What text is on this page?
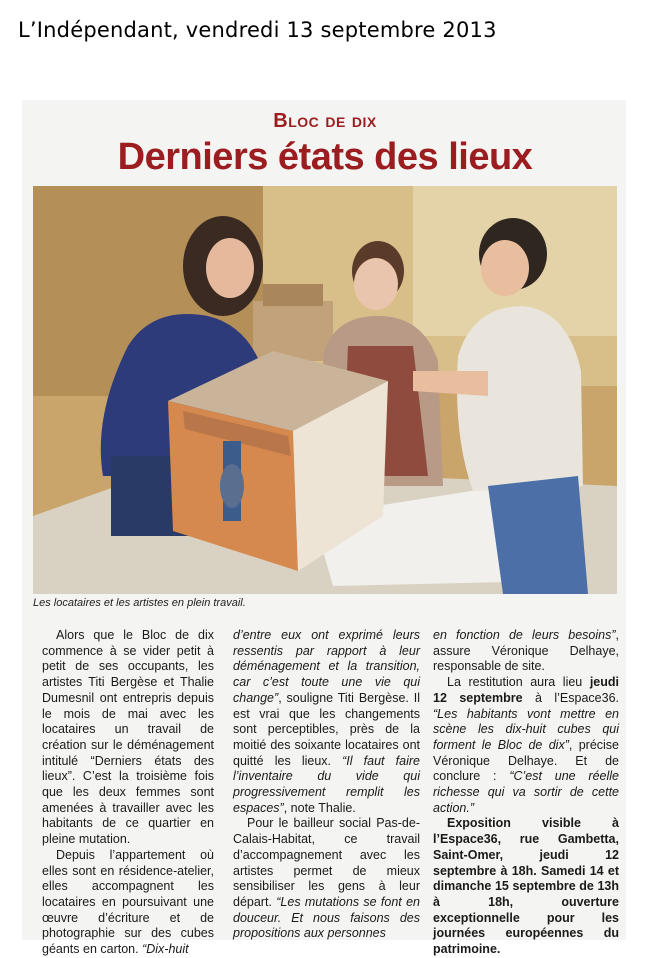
L’Indépendant, vendredi 13 septembre 2013
Bloc de dix
Derniers états des lieux
Les locataires et les artistes en plein travail.

Alors que le Bloc de dix commence à se vider petit à petit de ses occupants, les artistes Titi Bergèse et Thalie Dumesnil ont entrepris depuis le mois de mai avec les locataires un travail de création sur le déménagement intitulé “Derniers états des lieux”. C’est la troisième fois que les deux femmes sont amenées à travailler avec les habitants de ce quartier en pleine mutation.

Depuis l’appartement où elles sont en résidence-atelier, elles accompagnent les locataires en poursuivant une œuvre d’écriture et de photographie sur des cubes géants en carton. “Dix-huit

d’entre eux ont exprimé leurs ressentis par rapport à leur déménagement et la transition, car c’est toute une vie qui change”, souligne Titi Bergèse. Il est vrai que les changements sont perceptibles, près de la moitié des soixante locataires ont quitté les lieux. “Il faut faire l’inventaire du vide qui progressivement remplit les espaces”, note Thalie.

Pour le bailleur social Pas-de-Calais-Habitat, ce travail d’accompagnement avec les artistes permet de mieux sensibiliser les gens à leur départ. “Les mutations se font en douceur. Et nous faisons des propositions aux personnes

en fonction de leurs besoins”, assure Véronique Delhaye, responsable de site.

La restitution aura lieu jeudi 12 septembre à l’Espace36. “Les habitants vont mettre en scène les dix-huit cubes qui forment le Bloc de dix”, précise Véronique Delhaye. Et de conclure : “C’est une réelle richesse qui va sortir de cette action.”

Exposition visible à l’Espace36, rue Gambetta, Saint-Omer, jeudi 12 septembre à 18h. Samedi 14 et dimanche 15 septembre de 13h à 18h, ouverture exceptionnelle pour les journées européennes du patrimoine.
